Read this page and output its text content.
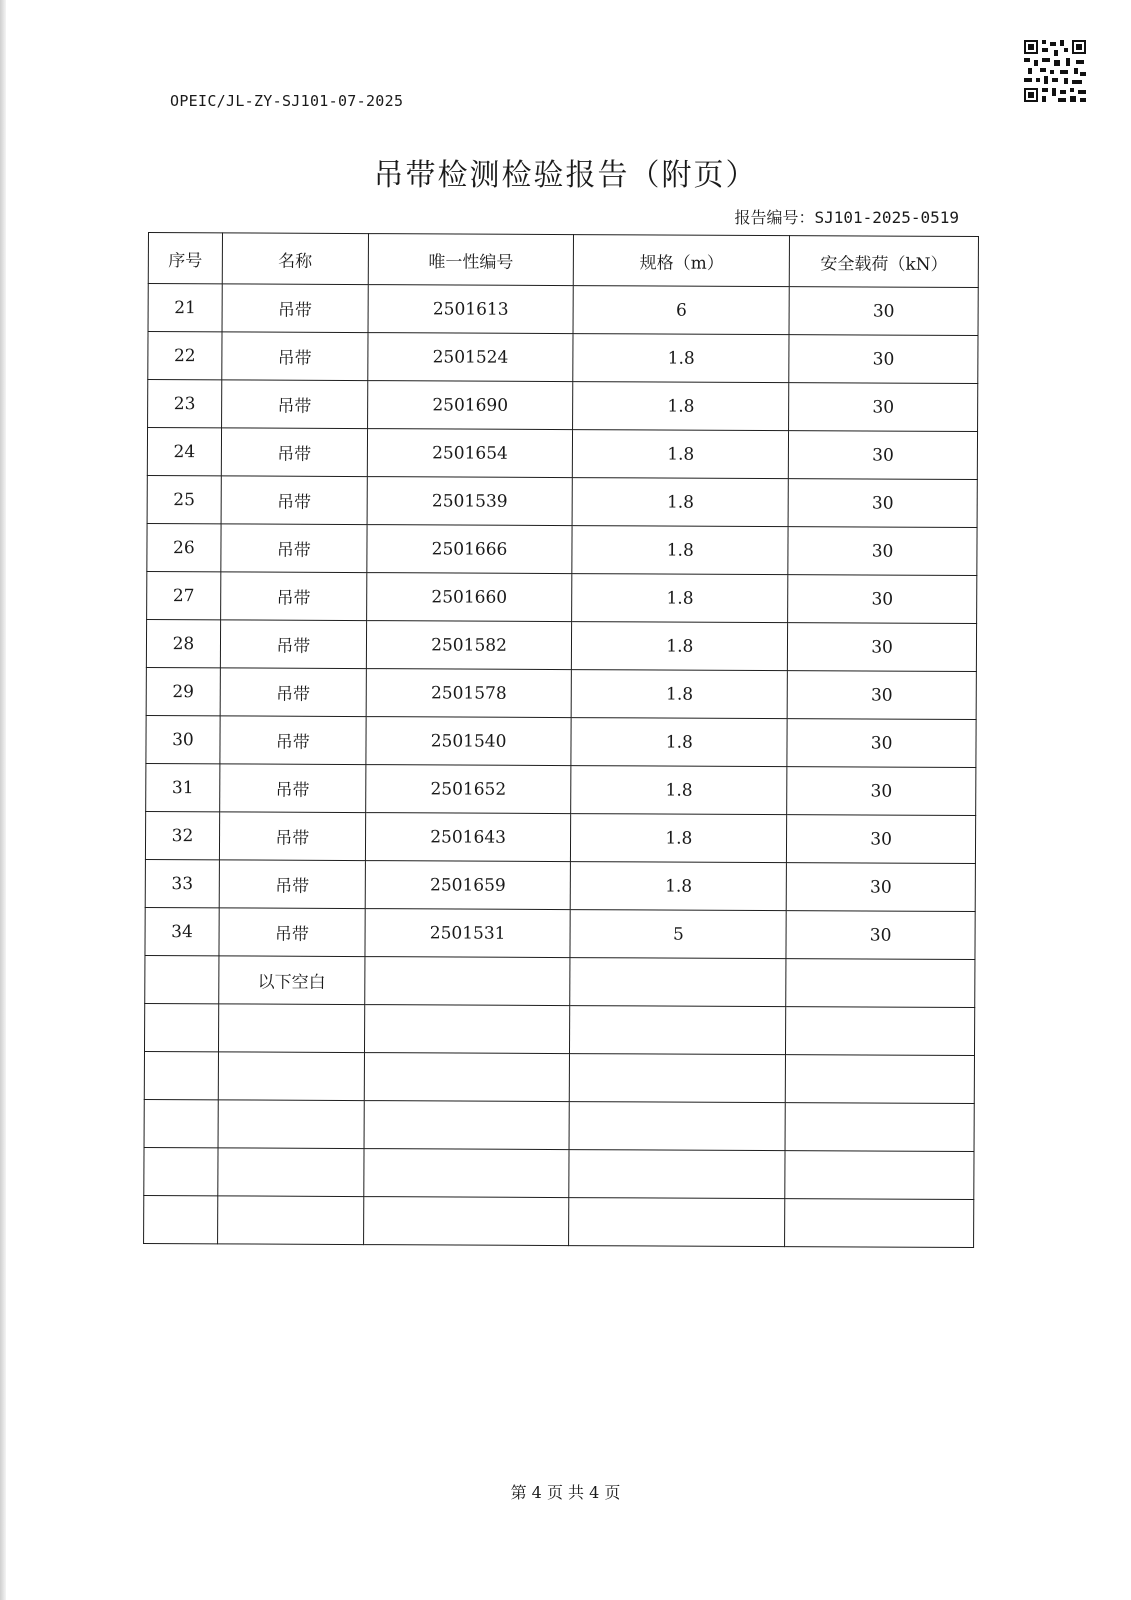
OPEIC/JL-ZY-SJ101-07-2025
吊带检测检验报告（附页）
报告编号：SJ101-2025-0519

序号	名称	唯一性编号	规格（m）	安全载荷（kN）
21	吊带	2501613	6	30
22	吊带	2501524	1.8	30
23	吊带	2501690	1.8	30
24	吊带	2501654	1.8	30
25	吊带	2501539	1.8	30
26	吊带	2501666	1.8	30
27	吊带	2501660	1.8	30
28	吊带	2501582	1.8	30
29	吊带	2501578	1.8	30
30	吊带	2501540	1.8	30
31	吊带	2501652	1.8	30
32	吊带	2501643	1.8	30
33	吊带	2501659	1.8	30
34	吊带	2501531	5	30
	以下空白			

第 4 页 共 4 页
